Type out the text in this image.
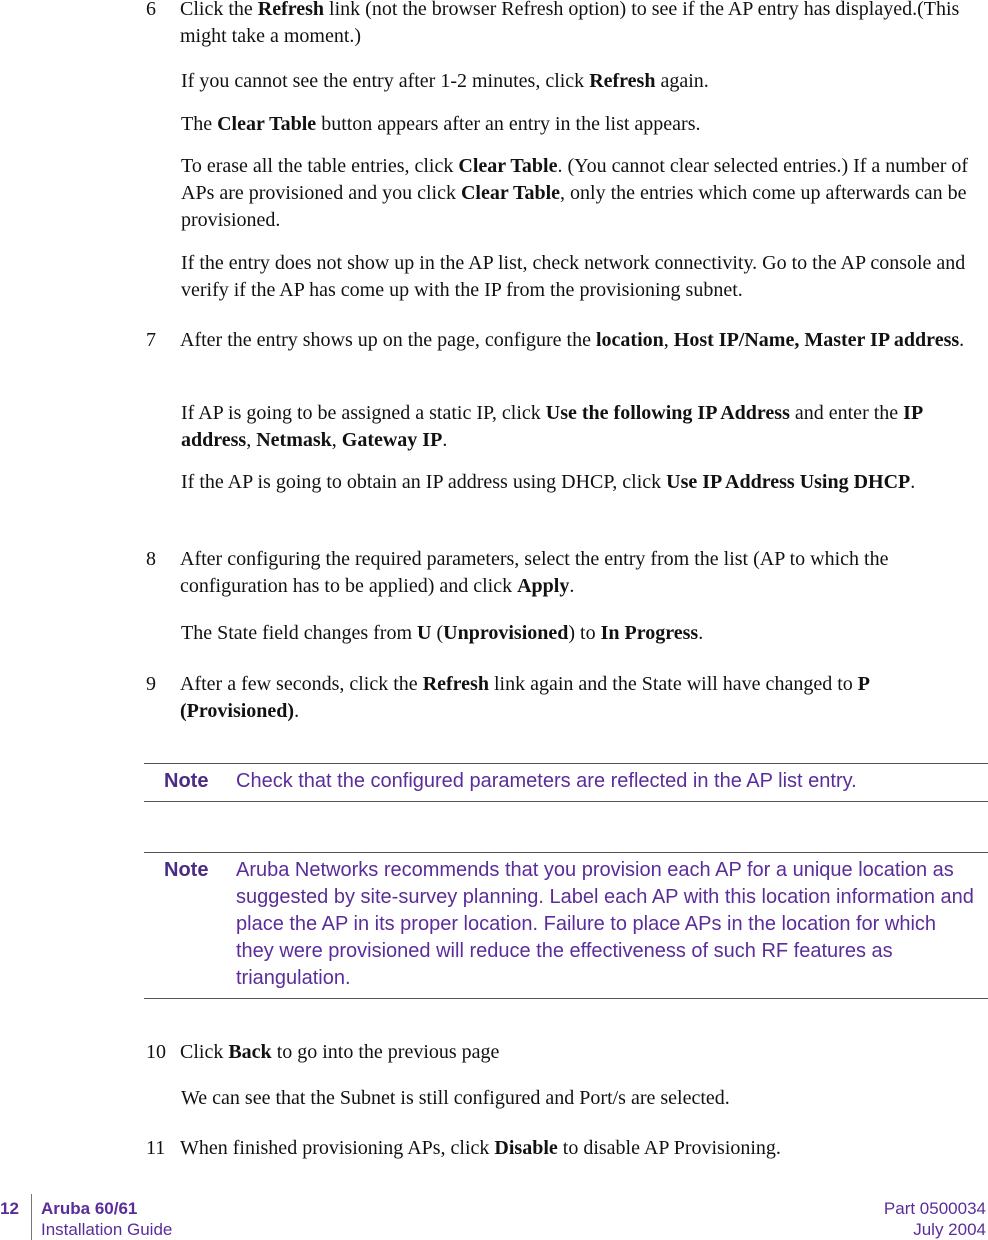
6 Click the Refresh link (not the browser Refresh option) to see if the AP entry has displayed.(This might take a moment.)
If you cannot see the entry after 1-2 minutes, click Refresh again.
The Clear Table button appears after an entry in the list appears.
To erase all the table entries, click Clear Table. (You cannot clear selected entries.) If a number of APs are provisioned and you click Clear Table, only the entries which come up afterwards can be provisioned.
If the entry does not show up in the AP list, check network connectivity. Go to the AP console and verify if the AP has come up with the IP from the provisioning subnet.
7 After the entry shows up on the page, configure the location, Host IP/Name, Master IP address.
If AP is going to be assigned a static IP, click Use the following IP Address and enter the IP address, Netmask, Gateway IP.
If the AP is going to obtain an IP address using DHCP, click Use IP Address Using DHCP.
8 After configuring the required parameters, select the entry from the list (AP to which the configuration has to be applied) and click Apply.
The State field changes from U (Unprovisioned) to In Progress.
9 After a few seconds, click the Refresh link again and the State will have changed to P (Provisioned).
Note Check that the configured parameters are reflected in the AP list entry.
Note Aruba Networks recommends that you provision each AP for a unique location as suggested by site-survey planning. Label each AP with this location information and place the AP in its proper location. Failure to place APs in the location for which they were provisioned will reduce the effectiveness of such RF features as triangulation.
10 Click Back to go into the previous page
We can see that the Subnet is still configured and Port/s are selected.
11 When finished provisioning APs, click Disable to disable AP Provisioning.
12 Aruba 60/61
Installation Guide
Part 0500034
July 2004
